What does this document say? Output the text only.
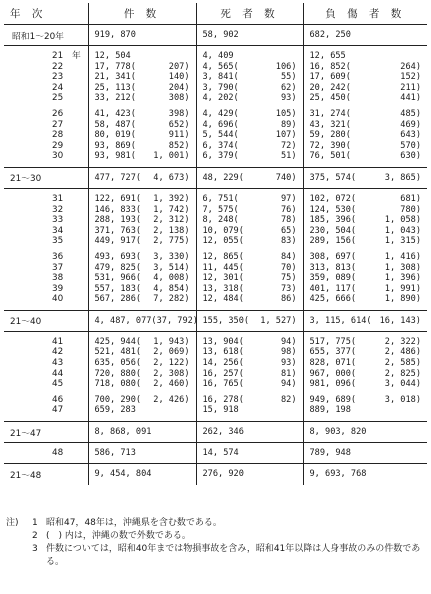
年 次	件 数	死 者 数	負 傷 者 数
昭和1～20年	919, 870	58, 902	682, 250

21　年	12, 504	4, 409	12, 655

22	17, 778( 207)	4, 565( 106)	16, 852( 264)

23	21, 341( 140)	3, 841( 55)	17, 609( 152)

24	25, 113( 204)	3, 790( 62)	20, 242( 211)

25	33, 212( 308)	4, 202( 93)	25, 450( 441)

26	41, 423( 398)	4, 429( 105)	31, 274( 485)

27	58, 487( 652)	4, 696( 89)	43, 321( 469)

28	80, 019( 911)	5, 544( 107)	59, 280( 643)

29	93, 869( 852)	6, 374( 72)	72, 390( 570)

30	93, 981( 1, 001)	6, 379( 51)	76, 501( 630)

21～30	477, 727( 4, 673)	48, 229( 740)	375, 574( 3, 865)

31	122, 691( 1, 392)	6, 751( 97)	102, 072( 681)

32	146, 833( 1, 742)	7, 575( 76)	124, 530( 780)

33	288, 193( 2, 312)	8, 248( 78)	185, 396( 1, 058)

34	371, 763( 2, 138)	10, 079( 65)	230, 504( 1, 043)

35	449, 917( 2, 775)	12, 055( 83)	289, 156( 1, 315)

36	493, 693( 3, 330)	12, 865( 84)	308, 697( 1, 416)

37	479, 825( 3, 514)	11, 445( 70)	313, 813( 1, 308)

38	531, 966( 4, 008)	12, 301( 75)	359, 089( 1, 396)

39	557, 183( 4, 854)	13, 318( 73)	401, 117( 1, 991)

40	567, 286( 7, 282)	12, 484( 86)	425, 666( 1, 890)

21～40	4, 487, 077( 37, 792)	155, 350( 1, 527)	3, 115, 614( 16, 143)

41	425, 944( 1, 943)	13, 904( 94)	517, 775( 2, 322)

42	521, 481( 2, 069)	13, 618( 98)	655, 377( 2, 486)

43	635, 056( 2, 122)	14, 256( 93)	828, 071( 2, 585)

44	720, 880( 2, 308)	16, 257( 81)	967, 000( 2, 825)

45	718, 080( 2, 460)	16, 765( 94)	981, 096( 3, 044)

46	700, 290( 2, 426)	16, 278( 82)	949, 689( 3, 018)

47	659, 283	15, 918	889, 198

21～47	8, 868, 091	262, 346	8, 903, 820

48	586, 713	14, 574	789, 948

21～48	9, 454, 804	276, 920	9, 693, 768
注)	1 昭和47，48年は，沖縄県を含む数である。
2 (　) 内は，沖縄の数で外数である。
3 件数については，昭和40年までは物損事故を含み，昭和41年以降は人身事故のみの件数である。
